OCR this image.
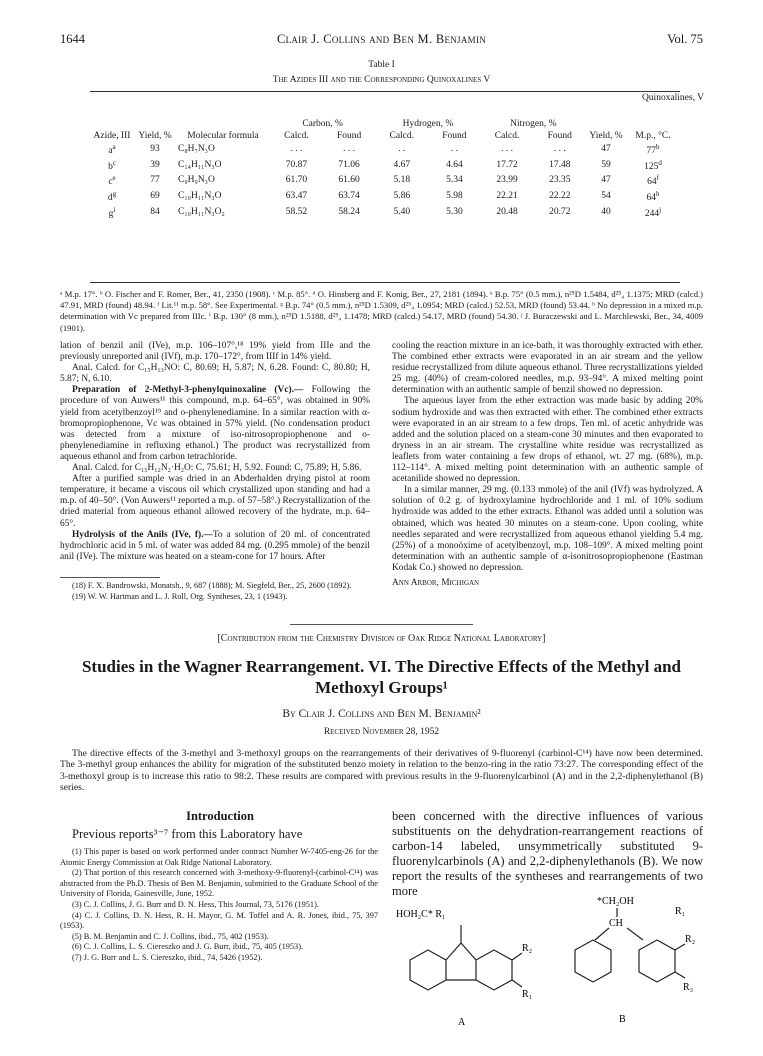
1644	Clair J. Collins and Ben M. Benjamin	Vol. 75
Table I
The Azides III and the Corresponding Quinoxalines V
Quinoxalines, V
			Carbon, %		Hydrogen, %		Nitrogen, %			
Azide, III	Yield, %	Molecular formula	Calcd.	Found	Calcd.	Found	Calcd.	Found	Yield, %	M.p., °C.
$a^a$	93	C₈H₇N₃O	. . .	. . .	. .	. .	. . .	. . .	47	77$^b$
$b^c$	39	C₁₄H₁₁N₃O	70.87	71.06	4.67	4.64	17.72	17.48	59	125$^d$
$c^e$	77	C₉H₉N₃O	61.70	61.60	5.18	5.34	23.99	23.35	47	64$^f$
$d^g$	69	C₁₀H₁₁N₃O	63.47	63.74	5.86	5.98	22.21	22.22	54	64$^h$
$g^i$	84	C₁₀H₁₁N₃O₂	58.52	58.24	5.40	5.30	20.48	20.72	40	244$^j$

ᵃ M.p. 17°. ᵇ O. Fischer and F. Romer, Ber., 41, 2350 (1908). ᶜ M.p. 85°. ᵈ O. Hinsberg and F. Konig, Ber., 27, 2181 (1894). ᵉ B.p. 75° (0.5 mm.), n²⁵D 1.5484, d²⁵₄ 1.1375; MRD (calcd.) 47.91, MRD (found) 48.94. ᶠ Lit.¹¹ m.p. 58°. See Experimental. ᵍ B.p. 74° (0.5 mm.), n²⁵D 1.5309, d²⁵₄ 1.0954; MRD (calcd.) 52.53, MRD (found) 53.44. ʰ No depression in a mixed m.p. determination with Vc prepared from IIIc. ⁱ B.p. 130° (8 mm.), n²⁵D 1.5188, d²⁵₄ 1.1478; MRD (calcd.) 54.17, MRD (found) 54.30. ʲ J. Buraczewski and L. Marchlewski, Ber., 34, 4009 (1901).

lation of benzil anil (IVe), m.p. 106–107°,¹⁸ 19% yield from IIIe and the previously unreported anil (IVf), m.p. 170–172°, from IIIf in 14% yield.

Anal. Calcd. for C₁₅H₁₃NO: C, 80.69; H, 5.87; N, 6.28. Found: C, 80.80; H, 5.87; N, 6.10.

Preparation of 2-Methyl-3-phenylquinoxaline (Vc).— Following the procedure of von Auwers¹¹ this compound, m.p. 64–65°, was obtained in 90% yield from acetylbenzoyl¹⁹ and o-phenylenediamine. In a similar reaction with α-bromopropiophenone, Vc was obtained in 57% yield. (No condensation product was detected from a mixture of iso-nitrosopropiophenone and o-phenylenediamine in refluxing ethanol.) The product was recrystallized from aqueous ethanol and from carbon tetrachloride.

Anal. Calcd. for C₁₅H₁₂N₂·H₂O: C, 75.61; H, 5.92. Found: C, 75.89; H, 5.86.

After a purified sample was dried in an Abderhalden drying pistol at room temperature, it became a viscous oil which crystallized upon standing and had a m.p. of 40–50°. (Von Auwers¹¹ reported a m.p. of 57–58°.) Recrystallization of the dried material from aqueous ethanol allowed recovery of the hydrate, m.p. 64–65°.

Hydrolysis of the Anils (IVe, f).—To a solution of 20 ml. of concentrated hydrochloric acid in 5 ml. of water was added 84 mg. (0.295 mmole) of the benzil anil (IVe). The mixture was heated on a steam-cone for 17 hours. After

(18) F. X. Bandrowski, Monatsh., 9, 687 (1888); M. Siegfeld, Ber., 25, 2600 (1892).

(19) W. W. Hartman and L. J. Roll, Org. Syntheses, 23, 1 (1943).

cooling the reaction mixture in an ice-bath, it was thoroughly extracted with ether. The combined ether extracts were evaporated in an air stream and the yellow residue recrystallized from dilute aqueous ethanol. Three recrystallizations yielded 25 mg. (40%) of cream-colored needles, m.p. 93–94°. A mixed melting point determination with an authentic sample of benzil showed no depression.

The aqueous layer from the ether extraction was made basic by adding 20% sodium hydroxide and was then extracted with ether. The combined ether extracts were evaporated in an air stream to a few drops. Ten ml. of acetic anhydride was added and the solution placed on a steam-cone 30 minutes and then evaporated to dryness in an air stream. The crystalline white residue was recrystallized as leaflets from water containing a few drops of ethanol, wt. 27 mg. (68%), m.p. 112–114°. A mixed melting point determination with an authentic sample of acetanilide showed no depression.

In a similar manner, 29 mg. (0.133 mmole) of the anil (IVf) was hydrolyzed. A solution of 0.2 g. of hydroxylamine hydrochloride and 1 ml. of 10% sodium hydroxide was added to the ether extracts. Ethanol was added until a solution was obtained, which was heated 30 minutes on a steam-cone. Upon cooling, white needles separated and were recrystallized from aqueous ethanol yielding 5.4 mg. (25%) of a monoöxime of acetylbenzoyl, m.p. 108–109°. A mixed melting point determination with an authentic sample of α-isonitrosopropiophenone (Eastman Kodak Co.) showed no depression.

Ann Arbor, Michigan

[Contribution from the Chemistry Division of Oak Ridge National Laboratory]
Studies in the Wagner Rearrangement. VI. The Directive Effects of the Methyl and
Methoxyl Groups¹
By Clair J. Collins and Ben M. Benjamin²
Received November 28, 1952

The directive effects of the 3-methyl and 3-methoxyl groups on the rearrangements of their derivatives of 9-fluorenyl (carbinol-C¹⁴) have now been determined. The 3-methyl group enhances the ability for migration of the substituted benzo moiety in relation to the benzo-ring in the ratio 73:27. The corresponding effect of the 3-methoxyl group is to increase this ratio to 98:2. These results are compared with previous results in the 9-fluorenylcarbinol (A) and in the 2,2-diphenylethanol (B) series.

Introduction

Previous reports³⁻⁷ from this Laboratory have

(1) This paper is based on work performed under contract Number W-7405-eng-26 for the Atomic Energy Commission at Oak Ridge National Laboratory.

(2) That portion of this research concerned with 3-methoxy-9-fluorenyl-(carbinol-C¹⁴) was abstracted from the Ph.D. Thesis of Ben M. Benjamin, submitted to the Graduate School of the University of Florida, Gainesville, June, 1952.

(3) C. J. Collins, J. G. Burr and D. N. Hess, This Journal, 73, 5176 (1951).

(4) C. J. Collins, D. N. Hess, R. H. Mayor, G. M. Toffel and A. R. Jones, ibid., 75, 397 (1953).

(5) B. M. Benjamin and C. J. Collins, ibid., 75, 402 (1953).

(6) C. J. Collins, L. S. Ciereszko and J. G. Burr, ibid., 75, 405 (1953).

(7) J. G. Burr and L. S. Ciereszko, ibid., 74, 5426 (1952).

been concerned with the directive influences of various substituents on the dehydration-rearrangement reactions of carbon-14 labeled, unsymmetrically substituted 9-fluorenylcarbinols (A) and 2,2-diphenylethanols (B). We now report the results of the syntheses and rearrangements of two more

HOH₂C* R₁
R₂
R₁
A
*CH₂OH
CH
R₁
R₂
R₃
B
